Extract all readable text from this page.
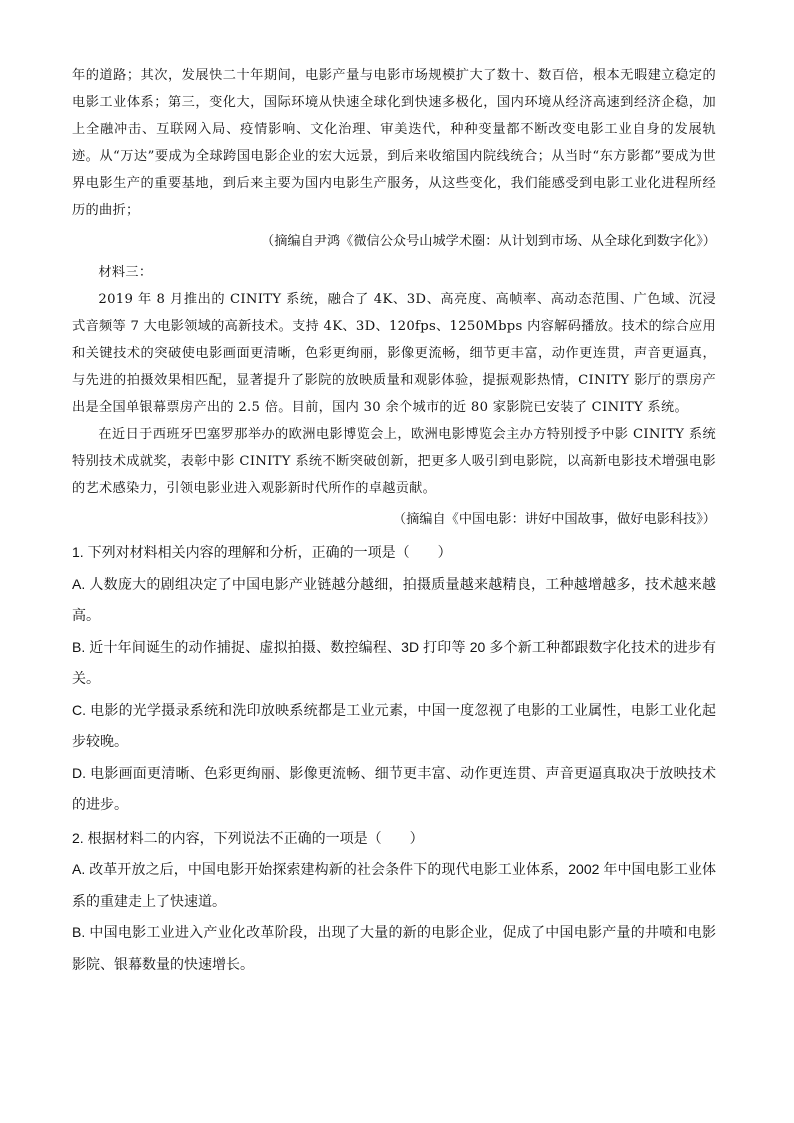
年的道路；其次，发展快二十年期间，电影产量与电影市场规模扩大了数十、数百倍，根本无暇建立稳定的电影工业体系；第三，变化大，国际环境从快速全球化到快速多极化，国内环境从经济高速到经济企稳，加上全融冲击、互联网入局、疫情影响、文化治理、审美迭代，种种变量都不断改变电影工业自身的发展轨迹。从“万达”要成为全球跨国电影企业的宏大远景，到后来收缩国内院线统合；从当时“东方影都”要成为世界电影生产的重要基地，到后来主要为国内电影生产服务，从这些变化，我们能感受到电影工业化进程所经历的曲折；

（摘编自尹鸿《微信公众号山城学术圈：从计划到市场、从全球化到数字化》）

材料三：

2019 年 8 月推出的 CINITY 系统，融合了 4K、3D、高亮度、高帧率、高动态范围、广色域、沉浸式音频等 7 大电影领域的高新技术。支持 4K、3D、120fps、1250Mbps 内容解码播放。技术的综合应用和关键技术的突破使电影画面更清晰，色彩更绚丽，影像更流畅，细节更丰富，动作更连贯，声音更逼真，与先进的拍摄效果相匹配，显著提升了影院的放映质量和观影体验，提振观影热情，CINITY 影厅的票房产出是全国单银幕票房产出的 2.5 倍。目前，国内 30 余个城市的近 80 家影院已安装了 CINITY 系统。

在近日于西班牙巴塞罗那举办的欧洲电影博览会上，欧洲电影博览会主办方特别授予中影 CINITY 系统特别技术成就奖，表彰中影 CINITY 系统不断突破创新，把更多人吸引到电影院，以高新电影技术增强电影的艺术感染力，引领电影业进入观影新时代所作的卓越贡献。

（摘编自《中国电影：讲好中国故事，做好电影科技》）

1. 下列对材料相关内容的理解和分析，正确的一项是（　　）

A. 人数庞大的剧组决定了中国电影产业链越分越细，拍摄质量越来越精良，工种越增越多，技术越来越高。

B. 近十年间诞生的动作捕捉、虚拟拍摄、数控编程、3D 打印等 20 多个新工种都跟数字化技术的进步有关。

C. 电影的光学摄录系统和洗印放映系统都是工业元素，中国一度忽视了电影的工业属性，电影工业化起步较晚。

D. 电影画面更清晰、色彩更绚丽、影像更流畅、细节更丰富、动作更连贯、声音更逼真取决于放映技术的进步。

2. 根据材料二的内容，下列说法不正确的一项是（　　）

A. 改革开放之后，中国电影开始探索建构新的社会条件下的现代电影工业体系，2002 年中国电影工业体系的重建走上了快速道。

B. 中国电影工业进入产业化改革阶段，出现了大量的新的电影企业，促成了中国电影产量的井喷和电影影院、银幕数量的快速增长。
